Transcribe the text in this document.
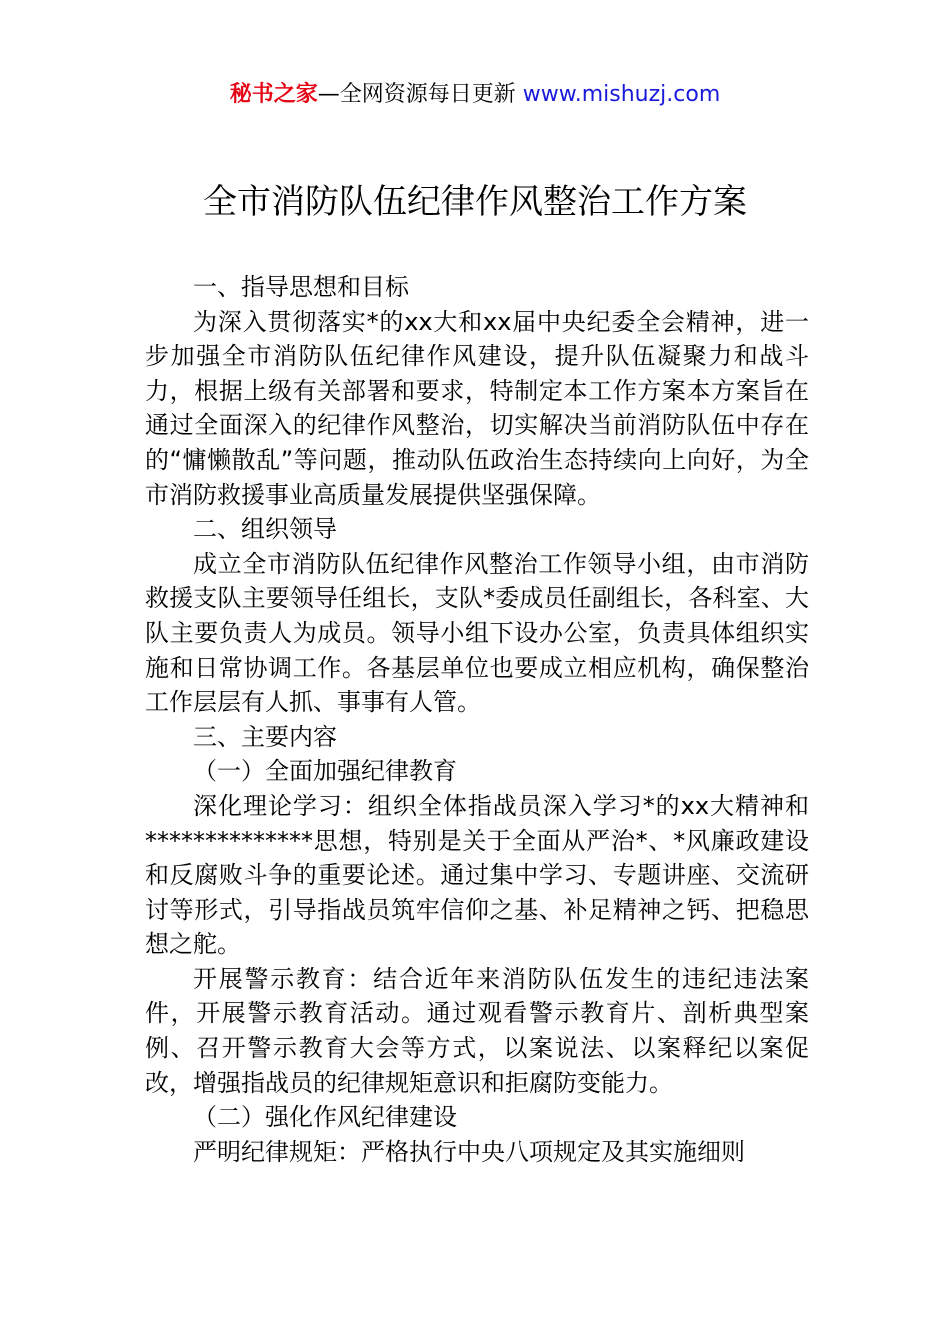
秘书之家—全网资源每日更新 www.mishuzj.com
全市消防队伍纪律作风整治工作方案

一、指导思想和目标

为深入贯彻落实*的xx大和xx届中央纪委全会精神，进一步加强全市消防队伍纪律作风建设，提升队伍凝聚力和战斗力，根据上级有关部署和要求，特制定本工作方案本方案旨在通过全面深入的纪律作风整治，切实解决当前消防队伍中存在的“慵懒散乱”等问题，推动队伍政治生态持续向上向好，为全市消防救援事业高质量发展提供坚强保障。

二、组织领导

成立全市消防队伍纪律作风整治工作领导小组，由市消防救援支队主要领导任组长，支队*委成员任副组长，各科室、大队主要负责人为成员。领导小组下设办公室，负责具体组织实施和日常协调工作。各基层单位也要成立相应机构，确保整治工作层层有人抓、事事有人管。

三、主要内容

（一）全面加强纪律教育

深化理论学习：组织全体指战员深入学习*的xx大精神和**************思想，特别是关于全面从严治*、*风廉政建设和反腐败斗争的重要论述。通过集中学习、专题讲座、交流研讨等形式，引导指战员筑牢信仰之基、补足精神之钙、把稳思想之舵。

开展警示教育：结合近年来消防队伍发生的违纪违法案件，开展警示教育活动。通过观看警示教育片、剖析典型案例、召开警示教育大会等方式，以案说法、以案释纪以案促改，增强指战员的纪律规矩意识和拒腐防变能力。

（二）强化作风纪律建设

严明纪律规矩：严格执行中央八项规定及其实施细则
